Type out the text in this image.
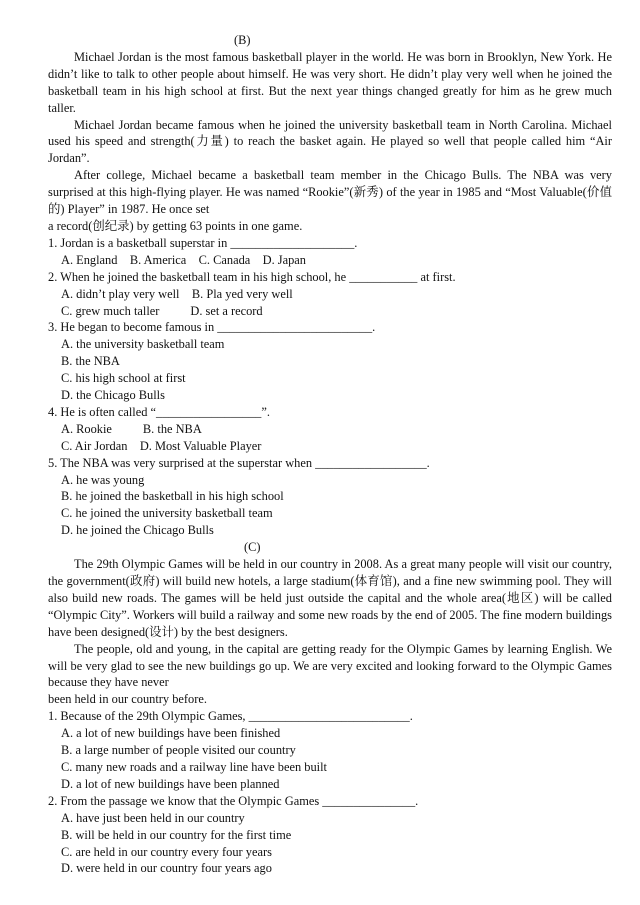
(B)

Michael Jordan is the most famous basketball player in the world. He was born in Brooklyn, New York. He didn’t like to talk to other people about himself. He was very short. He didn’t play very well when he joined the basketball team in his high school at first. But the next year things changed greatly for him as he grew much taller.

Michael Jordan became famous when he joined the university basketball team in North Carolina. Michael used his speed and strength(力量) to reach the basket again. He played so well that people called him “Air Jordan”.

After college, Michael became a basketball team member in the Chicago Bulls. The NBA was very surprised at this high-flying player. He was named “Rookie”(新秀) of the year in 1985 and “Most Valuable(价值的) Player” in 1987. He once set

a record(创纪录) by getting 63 points in one game.

1. Jordan is a basketball superstar in ____________________.

A. England    B. America    C. Canada    D. Japan

2. When he joined the basketball team in his high school, he ___________ at first.

A. didn’t play very well    B. Pla yed very well

C. grew much taller          D. set a record

3. He began to become famous in _________________________.

A. the university basketball team

B. the NBA

C. his high school at first

D. the Chicago Bulls

4. He is often called “_________________”.

A. Rookie          B. the NBA

C. Air Jordan    D. Most Valuable Player

5. The NBA was very surprised at the superstar when __________________.

A. he was young

B. he joined the basketball in his high school

C. he joined the university basketball team

D. he joined the Chicago Bulls

(C)

The 29th Olympic Games will be held in our country in 2008. As a great many people will visit our country, the government(政府) will build new hotels, a large stadium(体育馆), and a fine new swimming pool. They will also build new roads. The games will be held just outside the capital and the whole area(地区) will be called “Olympic City”. Workers will build a railway and some new roads by the end of 2005. The fine modern buildings have been designed(设计) by the best designers.

The people, old and young, in the capital are getting ready for the Olympic Games by learning English. We will be very glad to see the new buildings go up. We are very excited and looking forward to the Olympic Games because they have never

been held in our country before.

1. Because of the 29th Olympic Games, __________________________.

A. a lot of new buildings have been finished

B. a large number of people visited our country

C. many new roads and a railway line have been built

D. a lot of new buildings have been planned

2. From the passage we know that the Olympic Games _______________.

A. have just been held in our country

B. will be held in our country for the first time

C. are held in our country every four years

D. were held in our country four years ago
